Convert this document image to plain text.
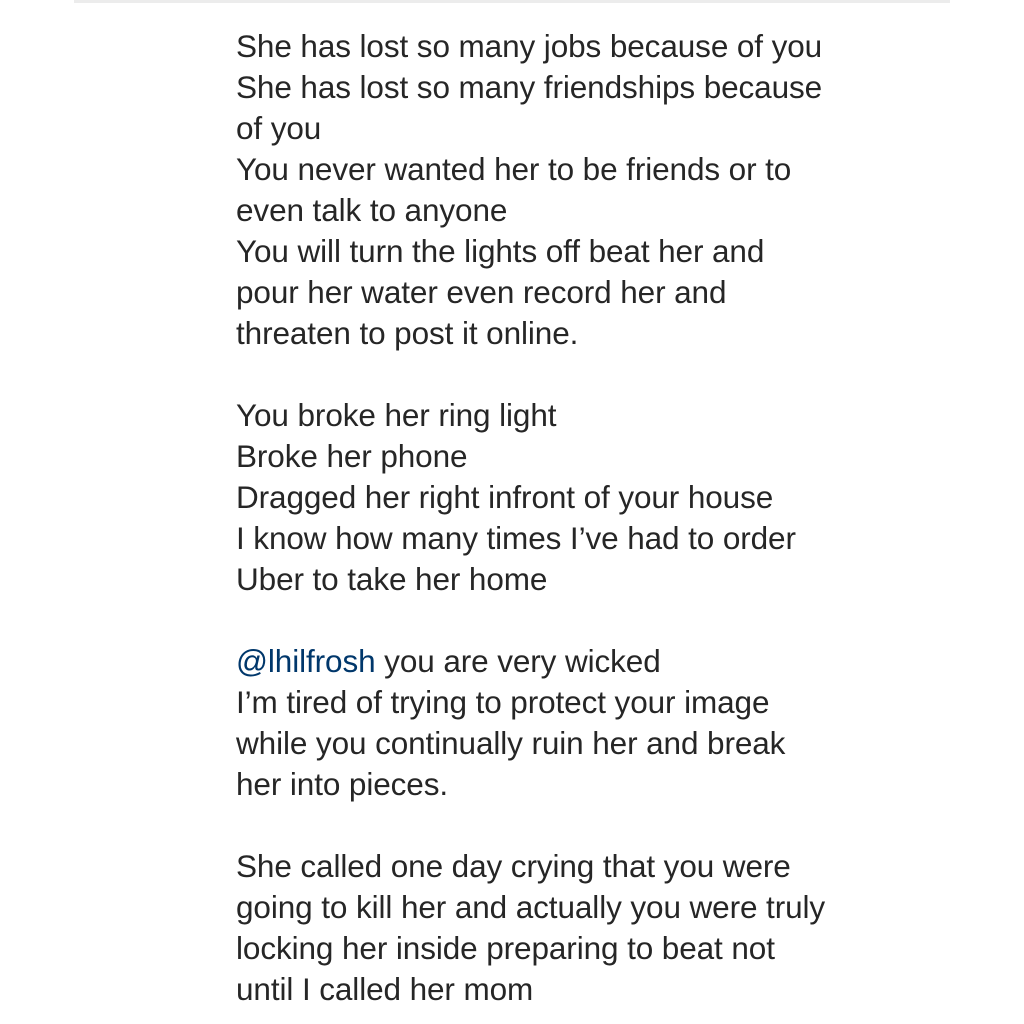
She has lost so many jobs because of you
She has lost so many friendships because
of you
You never wanted her to be friends or to
even talk to anyone
You will turn the lights off beat her and
pour her water even record her and
threaten to post it online.
You broke her ring light
Broke her phone
Dragged her right infront of your house
I know how many times I’ve had to order
Uber to take her home
@lhilfrosh you are very wicked
I’m tired of trying to protect your image
while you continually ruin her and break
her into pieces.
She called one day crying that you were
going to kill her and actually you were truly
locking her inside preparing to beat not
until I called her mom
